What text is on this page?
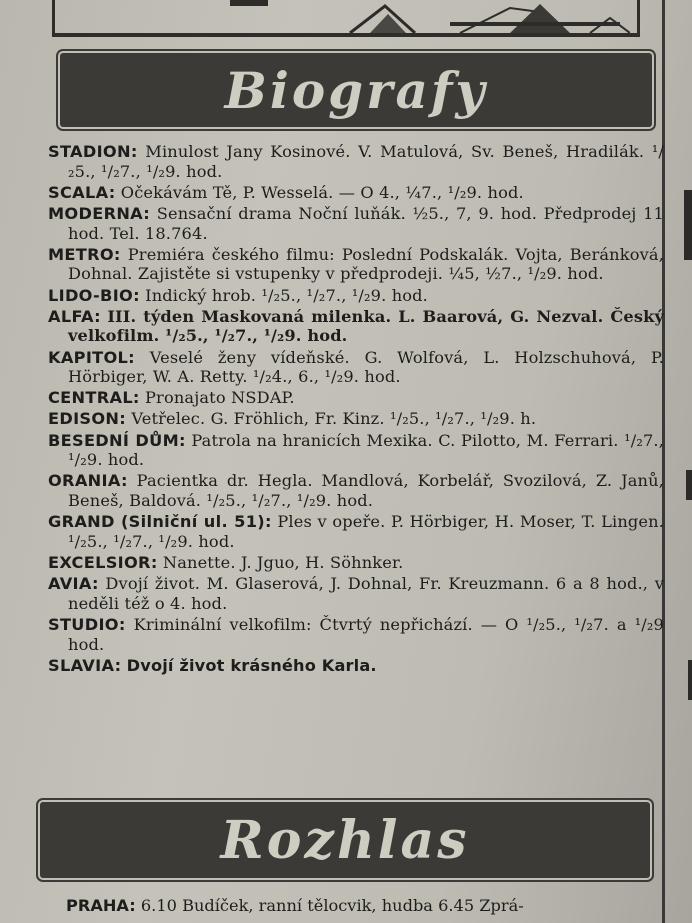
Biografy

STADION: Minulost Jany Kosinové. V. Matulová, Sv. Beneš, Hradilák. ¹/₂5., ¹/₂7., ¹/₂9. hod.

SCALA: Očekávám Tě, P. Wesselá. — O 4., ¼7., ¹/₂9. hod.

MODERNA: Sensační drama Noční luňák. ½5., 7, 9. hod. Předprodej 11 hod. Tel. 18.764.

METRO: Premiéra českého filmu: Poslední Podskalák. Vojta, Beránková, Dohnal. Zajistěte si vstupenky v předprodeji. ¼5, ½7., ¹/₂9. hod.

LIDO-BIO: Indický hrob. ¹/₂5., ¹/₂7., ¹/₂9. hod.

ALFA: III. týden Maskovaná milenka. L. Baarová, G. Nezval. Český velkofilm. ¹/₂5., ¹/₂7., ¹/₂9. hod.

KAPITOL: Veselé ženy vídeňské. G. Wolfová, L. Holzschuhová, P. Hörbiger, W. A. Retty. ¹/₂4., 6., ¹/₂9. hod.

CENTRAL: Pronajato NSDAP.

EDISON: Vetřelec. G. Fröhlich, Fr. Kinz. ¹/₂5., ¹/₂7., ¹/₂9. h.

BESEDNÍ DŮM: Patrola na hranicích Mexika. C. Pilotto, M. Ferrari. ¹/₂7., ¹/₂9. hod.

ORANIA: Pacientka dr. Hegla. Mandlová, Korbelář, Svozilová, Z. Janů, Beneš, Baldová. ¹/₂5., ¹/₂7., ¹/₂9. hod.

GRAND (Silniční ul. 51): Ples v opeře. P. Hörbiger, H. Moser, T. Lingen. ¹/₂5., ¹/₂7., ¹/₂9. hod.

EXCELSIOR: Nanette. J. Jguo, H. Söhnker.

AVIA: Dvojí život. M. Glaserová, J. Dohnal, Fr. Kreuzmann. 6 a 8 hod., v neděli též o 4. hod.

STUDIO: Kriminální velkofilm: Čtvrtý nepřichází. — O ¹/₂5., ¹/₂7. a ¹/₂9 hod.

SLAVIA: Dvojí život krásného Karla.

Rozhlas
PRAHA: 6.10 Budíček, ranní tělocvik, hudba 6.45 Zprá-
